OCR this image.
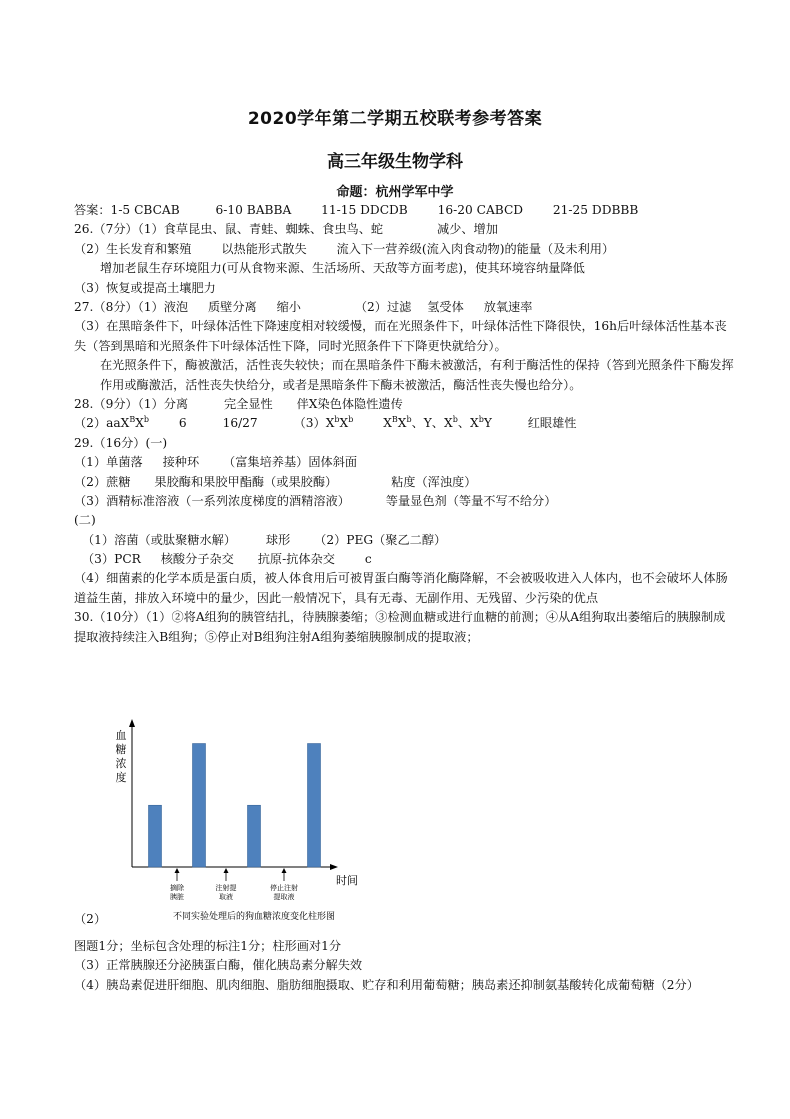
2020学年第二学期五校联考参考答案
高三年级生物学科
命题：杭州学军中学
答案：1-5 CBCAB	6-10 BABBA 11-15 DDCDB 16-20 CABCD 21-25 DDBBB
26.（7分）（1）食草昆虫、鼠、青蛙、蜘蛛、食虫鸟、蛇	减少、增加
（2）生长发育和繁殖 以热能形式散失 流入下一营养级(流入肉食动物)的能量（及未利用）
增加老鼠生存环境阻力(可从食物来源、生活场所、天敌等方面考虑)，使其环境容纳量降低
（3）恢复或提高土壤肥力
27.（8分）（1）液泡 质壁分离 缩小	（2）过滤 氢受体 放氧速率
（3）在黑暗条件下，叶绿体活性下降速度相对较缓慢，而在光照条件下，叶绿体活性下降很快，16h后叶绿体活性基本丧失（答到黑暗和光照条件下叶绿体活性下降，同时光照条件下下降更快就给分）。
在光照条件下，酶被激活，活性丧失较快；而在黑暗条件下酶未被激活，有利于酶活性的保持（答到光照条件下酶发挥作用或酶激活，活性丧失快给分，或者是黑暗条件下酶未被激活，酶活性丧失慢也给分）。
28.（9分）（1）分离	完全显性 伴X染色体隐性遗传
$(2)aaX^BX^b$ 6	16/27	$(3)X^bX^b$ $X^BX^b$、Y、$X^b$、$X^bY$	红眼雄性
29.（16分）(一)
（1）单菌落 接种环 （富集培养基）固体斜面
（2）蔗糖 果胶酶和果胶甲酯酶（或果胶酶）	粘度（浑浊度）
（3）酒精标准溶液（一系列浓度梯度的酒精溶液）	等量显色剂（等量不写不给分）
(二)
（1）溶菌（或肽聚糖水解） 球形 （2）PEG（聚乙二醇）
（3）PCR 核酸分子杂交 抗原-抗体杂交 c
（4）细菌素的化学本质是蛋白质，被人体食用后可被胃蛋白酶等消化酶降解，不会被吸收进入人体内，也不会破坏人体肠道益生菌，排放入环境中的量少，因此一般情况下，具有无毒、无副作用、无残留、少污染的优点
30.（10分）（1）②将A组狗的胰管结扎，待胰腺萎缩；③检测血糖或进行血糖的前测；④从A组狗取出萎缩后的胰腺制成提取液持续注入B组狗；⑤停止对B组狗注射A组狗萎缩胰腺制成的提取液；
血
糖
浓
度
摘除
胰脏
注射提
取液
停止注射
提取液
时间
不同实验处理后的狗血糖浓度变化柱形图
（2）
图题1分；坐标包含处理的标注1分；柱形画对1分
（3）正常胰腺还分泌胰蛋白酶，催化胰岛素分解失效
（4）胰岛素促进肝细胞、肌肉细胞、脂肪细胞摄取、贮存和利用葡萄糖；胰岛素还抑制氨基酸转化成葡萄糖（2分）
